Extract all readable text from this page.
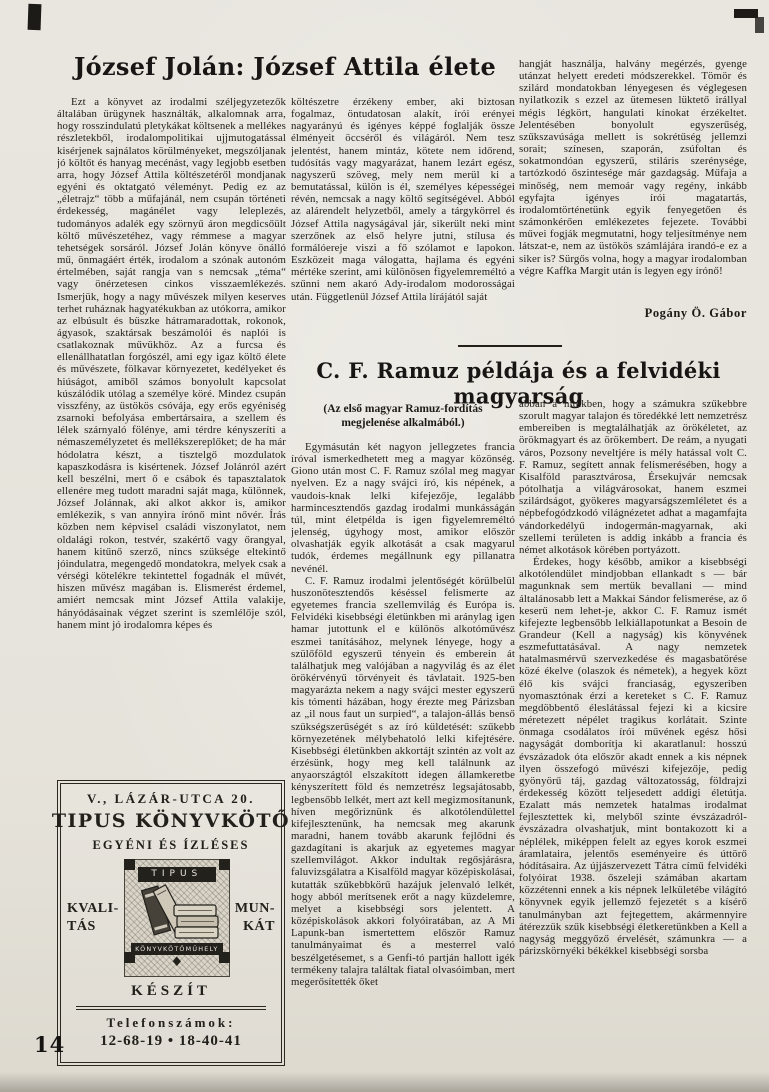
József Jolán: József Attila élete

Ezt a könyvet az irodalmi széljegyzetezők általában ürügynek használták, alkalomnak arra, hogy rosszindulatú pletykákat költsenek a mellékes részletekből, irodalompolitikai ujjmutogatással kisérjenek sajnálatos körülményeket, megszóljanak jó költőt és hanyag mecénást, vagy legjobb esetben arra, hogy József Attila költészetéről mondjanak egyéni és oktatgató véleményt. Pedig ez az „életrajz“ több a műfajánál, nem csupán történeti érdekesség, magánélet vagy leleplezés, tudományos adalék egy szörnyű áron megdicsőült költő művészetéhez, vagy rémmese a magyar tehetségek sorsáról. József Jolán könyve önálló mű, önmagáért érték, irodalom a szónak autonóm értelmében, saját rangja van s nemcsak „téma“ vagy önérzetesen cinkos visszaemlékezés. Ismerjük, hogy a nagy művészek milyen keserves terhet ruháznak hagyatékukban az utókorra, amikor az elbúsult és büszke hátramaradottak, rokonok, ágyasok, szaktársak beszámolói és naplói is csatlakoznak művükhöz. Az a furcsa és ellenállhatatlan forgószél, ami egy igaz költő élete és művészete, fölkavar környezetet, kedélyeket és hiúságot, amiből számos bonyolult kapcsolat kúszálódik utólag a személye köré. Mindez csupán visszfény, az üstökös csóvája, egy erős egyéniség zsarnoki befolyása embertársaira, a szellem és lélek szárnyaló fölénye, ami térdre kényszeríti a némaszemélyzetet és mellékszereplőket; de ha már hódolatra készt, a tisztelgő mozdulatok kapaszkodásra is kisértenek. József Jolánról azért kell beszélni, mert ő e csábok és tapasztalatok ellenére meg tudott maradni saját maga, különnek, József Jolánnak, aki alkot akkor is, amikor emlékezik, s van annyira írónő mint nővér. Írás közben nem képvisel családi viszonylatot, nem oldalági rokon, testvér, szakértő vagy őrangyal, hanem kitűnő szerző, nincs szüksége eltekintő jóindulatra, megengedő mondatokra, melyek csak a vérségi kötelékre tekintettel fogadnák el művét, hiszen művész magában is. Elismerést érdemel, amiért nemcsak mint József Attila valakije, hányódásainak végzet szerint is szemlélője szól, hanem mint jó irodalomra képes és

költészetre érzékeny ember, aki biztosan fogalmaz, öntudatosan alakít, írói erényei nagyarányú és igényes képpé foglalják össze élményeit öccséről és világáról. Nem tesz jelentést, hanem mintáz, kötete nem időrend, tudósítás vagy magyarázat, hanem lezárt egész, nagyszerű szöveg, mely nem merül ki a bemutatással, külön is él, személyes képességei révén, nemcsak a nagy költő segítségével. Abból az alárendelt helyzetből, amely a tárgykörrel és József Attila nagyságával jár, sikerült neki mint szerzőnek az első helyre jutni, stílusa és formálóereje viszi a fő szólamot e lapokon. Eszközeit maga válogatta, hajlama és egyéni mértéke szerint, ami különösen figyelemreméltó a szűnni nem akaró Ady-irodalom modorosságai után. Függetlenül József Attila lírájától saját

hangját használja, halvány megérzés, gyenge utánzat helyett eredeti módszerekkel. Tömör és szilárd mondatokban lényegesen és véglegesen nyilatkozik s ezzel az ütemesen lüktető irállyal mégis légkört, hangulati kínokat érzékeltet. Jelentésében bonyolult egyszerűség, szűkszavúsága mellett is sokrétűség jellemzi sorait; színesen, szaporán, zsúfoltan és sokatmondóan egyszerű, stiláris szerénysége, tartózkodó őszintesége már gazdagság. Műfaja a minőség, nem memoár vagy regény, inkább egyfajta igényes írói magatartás, irodalomtörténetünk egyik fenyegetően és számonkérően emlékezetes fejezete. További művei fogják megmutatni, hogy teljesítménye nem látszat-e, nem az üstökös számlájára irandó-e ez a siker is? Sürgős volna, hogy a magyar irodalomban végre Kaffka Margit után is legyen egy írónő!

Pogány Ö. Gábor
C. F. Ramuz példája és a felvidéki magyarság
(Az első magyar Ramuz-fordítás megjelenése alkalmából.)

Egymásután két nagyon jellegzetes francia íróval ismerkedhetett meg a magyar közönség. Giono után most C. F. Ramuz szólal meg magyar nyelven. Ez a nagy svájci író, kis népének, a vaudois-knak lelki kifejezője, legalább harmincesztendős gazdag irodalmi munkásságán túl, mint életpélda is igen figyelemreméltó jelenség, úgyhogy most, amikor először olvashatják egyik alkotását a csak magyarul tudók, érdemes megállnunk egy pillanatra nevénél.

C. F. Ramuz irodalmi jelentőségét körülbelül huszonötesztendős késéssel felismerte az egyetemes francia szellemvilág és Európa is. Felvidéki kisebbségi életünkben mi aránylag igen hamar jutottunk el e különös alkotóművész eszmei tanításához, melynek lényege, hogy a szülőföld egyszerű tényein és emberein át találhatjuk meg valójában a nagyvilág és az élet örökérvényű törvényeit és távlatait. 1925-ben magyarázta nekem a nagy svájci mester egyszerű kis tómenti házában, hogy érezte meg Párizsban az „il nous faut un surpied“, a talajon-állás benső szükségszerűségét s az író küldetését: szűkebb környezetének mélybehatoló lelki kifejtésére. Kisebbségi életünkben akkortájt szintén az volt az érzésünk, hogy meg kell találnunk az anyaországtól elszakított idegen államkeretbe kényszerített föld és nemzetrész legsajátosabb, legbensőbb lelkét, mert azt kell megizmosítanunk, híven megőriznünk és alkotólendülettel kifejlesztenünk, ha nemcsak meg akarunk maradni, hanem tovább akarunk fejlődni és gazdagítani is akarjuk az egyetemes magyar szellemvilágot. Akkor indultak regősjárásra, faluvizsgálatra a Kisalföld magyar középiskolásai, kutatták szűkebbkörű hazájuk jelenvaló lelkét, hogy abból merítsenek erőt a nagy küzdelemre, melyet a kisebbségi sors jelentett. A középiskolások akkori folyóiratában, az A Mi Lapunk-ban ismertettem először Ramuz tanulmányaimat és a mesterrel való beszélgetésemet, s a Genfi-tó partján hallott igék termékeny talajra találtak fiatal olvasóimban, mert megerősítették őket

abban a hitükben, hogy a számukra szűkebbre szorult magyar talajon és töredékké lett nemzetrész embereiben is megtalálhatják az örökéletet, az örökmagyart és az örökembert. De reám, a nyugati város, Pozsony neveltjére is mély hatással volt C. F. Ramuz, segített annak felismerésében, hogy a Kisalföld parasztvárosa, Érsekujvár nemcsak pótolhatja a világvárosokat, hanem eszmei szilárdságot, gyökeres magyarságszemléletet és a népbefogódzkodó világnézetet adhat a magamfajta vándorkedélyű indogermán-magyarnak, aki szellemi területen is addig inkább a francia és német alkotások körében portyázott.

Érdekes, hogy később, amikor a kisebbségi alkotólendület mindjobban ellankadt s — bár magunknak sem mertük bevallani — mind általánosabb lett a Makkai Sándor felismerése, az ő keserű nem lehet-je, akkor C. F. Ramuz ismét kifejezte legbensőbb lelkiállapotunkat a Besoin de Grandeur (Kell a nagyság) kis könyvének eszmefuttatásával. A nagy nemzetek hatalmasmérvű szervezkedése és magasbatörése közé ékelve (olaszok és németek), a hegyek közt élő kis svájci franciaság, egyszeriben nyomasztónak érzi a kereteket s C. F. Ramuz megdöbbentő éleslátással fejezi ki a kicsire méretezett népélet tragikus korlátait. Szinte önmaga csodálatos írói művének egész hősi nagyságát domborítja ki akaratlanul: hosszú évszázadok óta először akadt ennek a kis népnek ilyen összefogó művészi kifejezője, pedig gyönyörű táj, gazdag változatosság, földrajzi érdekesség között teljesedett addigi életútja. Ezalatt más nemzetek hatalmas irodalmat fejlesztettek ki, melyből szinte évszázadról-évszázadra olvashatjuk, mint bontakozott ki a néplélek, miképpen felelt az egyes korok eszmei áramlataira, jelentős eseményeire és úttörő hódításaira. Az újjászervezett Tátra című felvidéki folyóirat 1938. őszeleji számában akartam közzétenni ennek a kis népnek lelkületébe világító könyvnek egyik jellemző fejezetét s a kísérő tanulmányban azt fejtegettem, akármennyire átérezzük szűk kisebbségi életkeretünkben a Kell a nagyság meggyőző érvelését, számunkra — a párizskörnyéki békékkel kisebbségi sorsba

V., LÁZÁR-UTCA 20.
TIPUS KÖNYVKÖTŐ
EGYÉNI ÉS ÍZLÉSES
KVALI-
TÁS
TIPUS
KÖNYVKÖTŐMŰHELY
◆
MUN-
KÁT
KÉSZÍT
Telefonszámok:
12-68-19 • 18-40-41
14
